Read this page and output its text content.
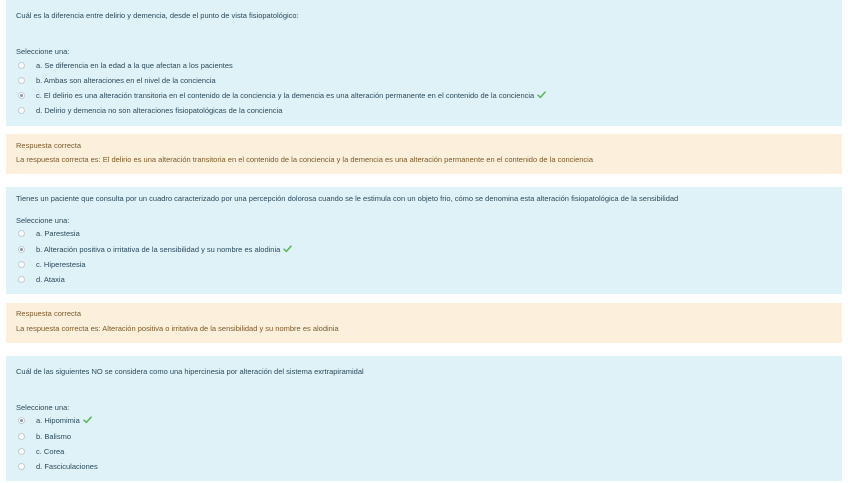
Cuál es la diferencia entre delirio y demencia, desde el punto de vista fisiopatológico:
Seleccione una:
a. Se diferencia en la edad a la que afectan a los pacientes
b. Ambas son alteraciones en el nivel de la conciencia
c. El delirio es una alteración transitoria en el contenido de la conciencia y la demencia es una alteración permanente en el contenido de la conciencia
d. Delirio y demencia no son alteraciones fisiopatológicas de la conciencia
Respuesta correcta
La respuesta correcta es: El delirio es una alteración transitoria en el contenido de la conciencia y la demencia es una alteración permanente en el contenido de la conciencia
Tienes un paciente que consulta por un cuadro caracterizado por una percepción dolorosa cuando se le estimula con un objeto frio, cómo se denomina esta alteración fisiopatológica de la sensibilidad
Seleccione una:
a. Parestesia
b. Alteración positiva o irritativa de la sensibilidad y su nombre es alodinia
c. Hiperestesia
d. Ataxia
Respuesta correcta
La respuesta correcta es: Alteración positiva o irritativa de la sensibilidad y su nombre es alodinia
Cuál de las siguientes NO se considera como una hipercinesia por alteración del sistema exrtrapiramidal
Seleccione una:
a. Hipomimia
b. Balismo
c. Corea
d. Fasciculaciones
